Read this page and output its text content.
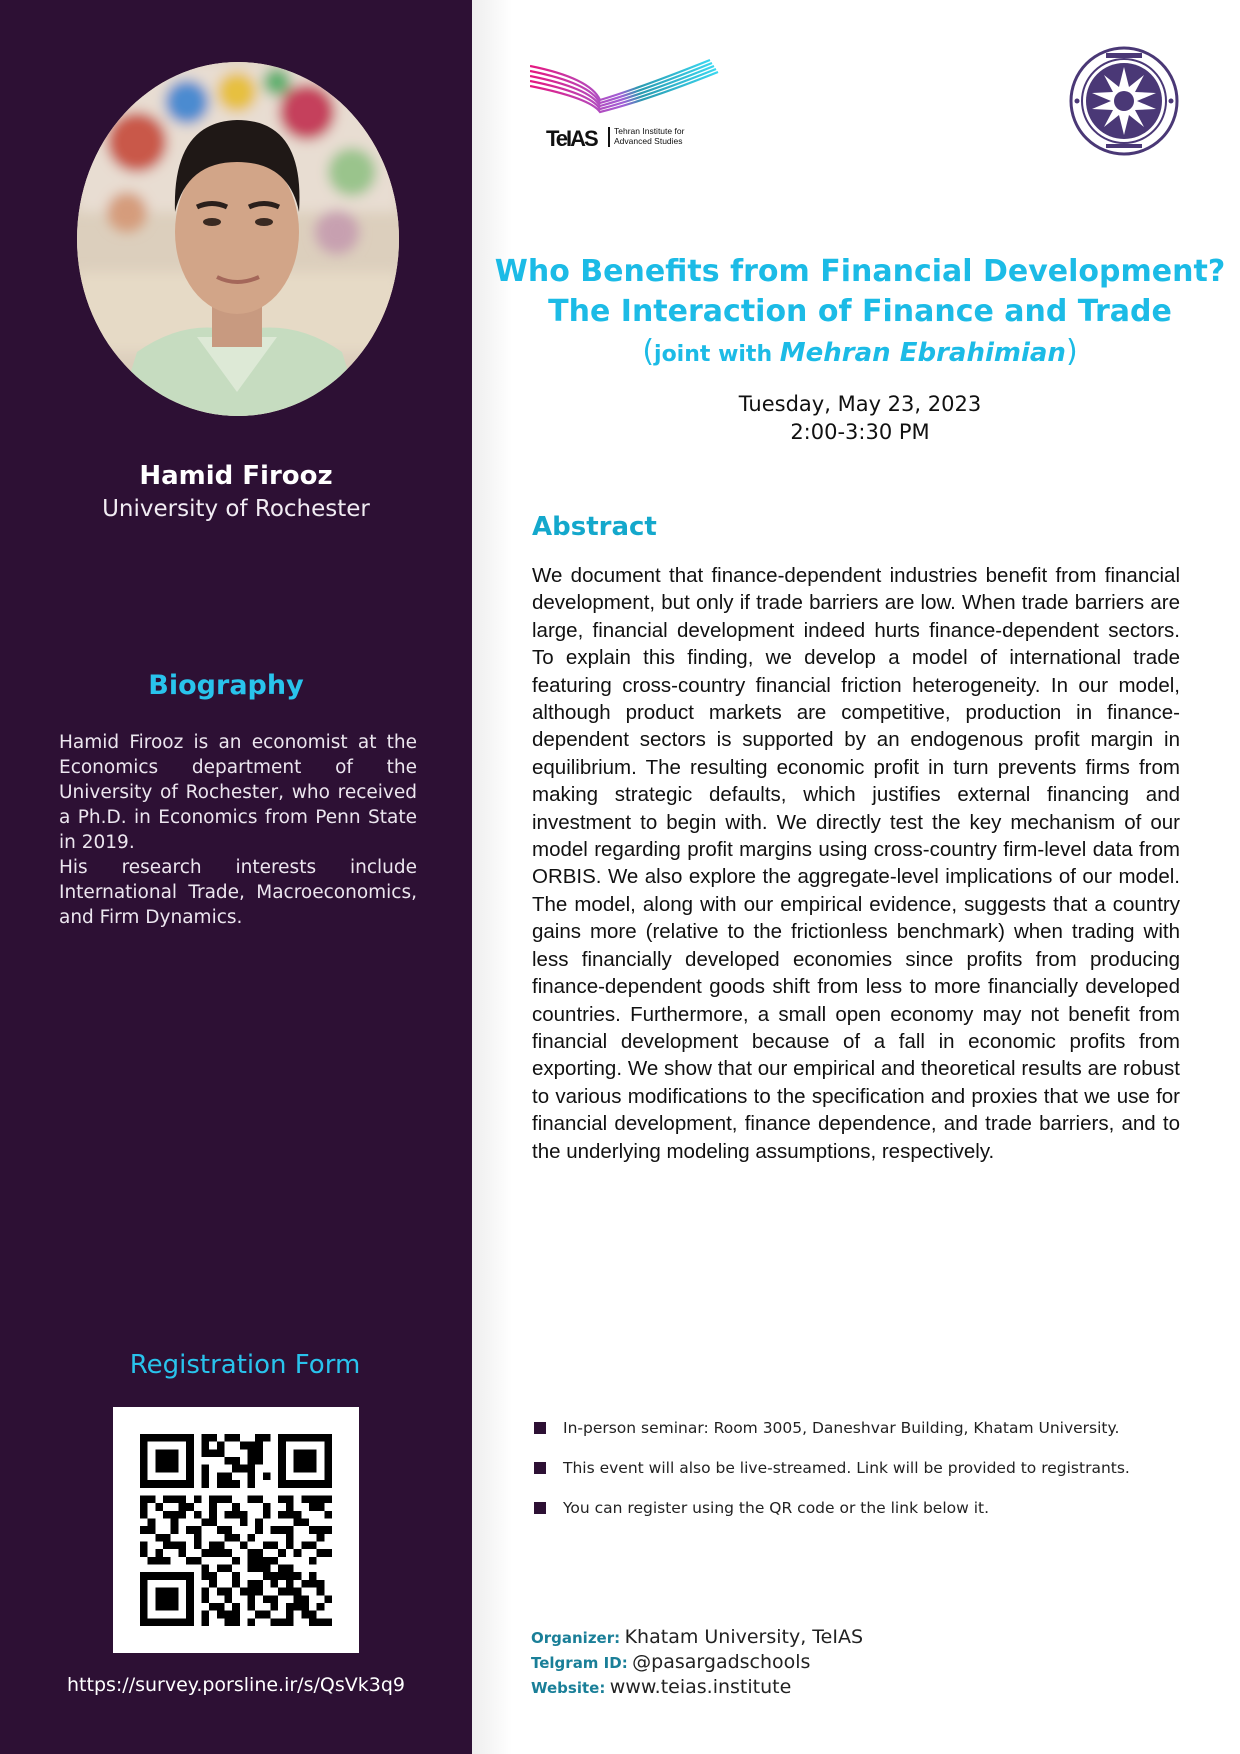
Hamid Firooz
University of Rochester
Biography

Hamid Firooz is an economist at the Economics department of the University of Rochester, who received a Ph.D. in Economics from Penn State in 2019.

His research interests include International Trade, Macroeconomics, and Firm Dynamics.

Registration Form
https://survey.porsline.ir/s/QsVk3q9
TeIAS Tehran Institute for
Advanced Studies
Who Benefits from Financial Development?
The Interaction of Finance and Trade
(joint with Mehran Ebrahimian)
Tuesday, May 23, 2023
2:00-3:30 PM
Abstract
We document that finance-dependent industries benefit from financial development, but only if trade barriers are low. When trade barriers are large, financial development indeed hurts finance-dependent sectors. To explain this finding, we develop a model of international trade featuring cross-country financial friction heterogeneity. In our model, although product markets are competitive, production in finance-dependent sectors is supported by an endogenous profit margin in equilibrium. The resulting economic profit in turn prevents firms from making strategic defaults, which justifies external financing and investment to begin with. We directly test the key mechanism of our model regarding profit margins using cross-country firm-level data from ORBIS. We also explore the aggregate-level implications of our model. The model, along with our empirical evidence, suggests that a country gains more (relative to the frictionless benchmark) when trading with less financially developed economies since profits from producing finance-dependent goods shift from less to more financially developed countries. Furthermore, a small open economy may not benefit from financial development because of a fall in economic profits from exporting. We show that our empirical and theoretical results are robust to various modifications to the specification and proxies that we use for financial development, finance dependence, and trade barriers, and to the underlying modeling assumptions, respectively.
In-person seminar: Room 3005, Daneshvar Building, Khatam University.
This event will also be live-streamed. Link will be provided to registrants.
You can register using the QR code or the link below it.
Organizer: Khatam University, TeIAS
Telgram ID: @pasargadschools
Website: www.teias.institute
